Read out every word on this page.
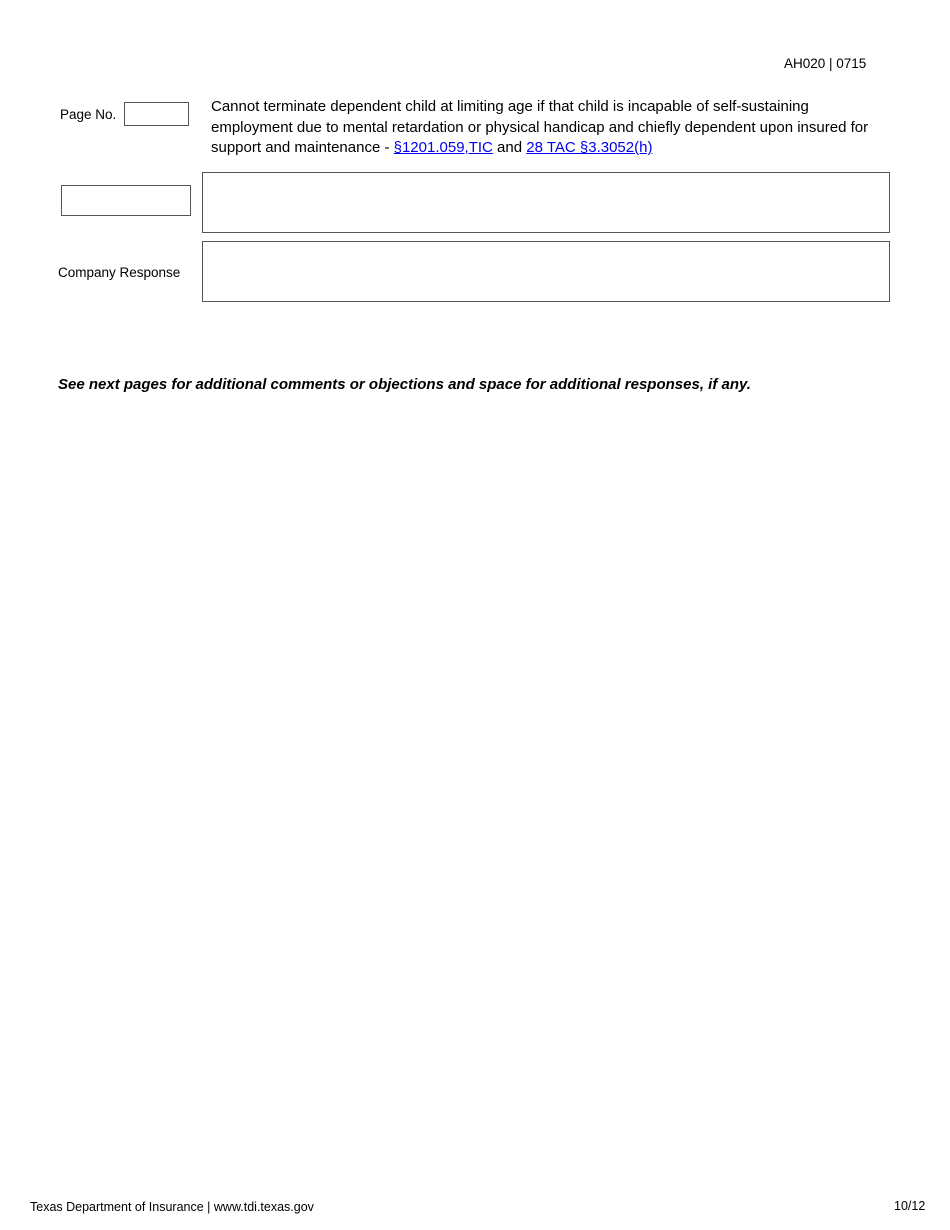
AH020 | 0715
Page No.	Cannot terminate dependent child at limiting age if that child is incapable of self-sustaining employment due to mental retardation or physical handicap and chiefly dependent upon insured for support and maintenance - §1201.059,TIC and 28 TAC §3.3052(h)
Company Response
See next pages for additional comments or objections and space for additional responses, if any.
Texas Department of Insurance | www.tdi.texas.gov	10/12
